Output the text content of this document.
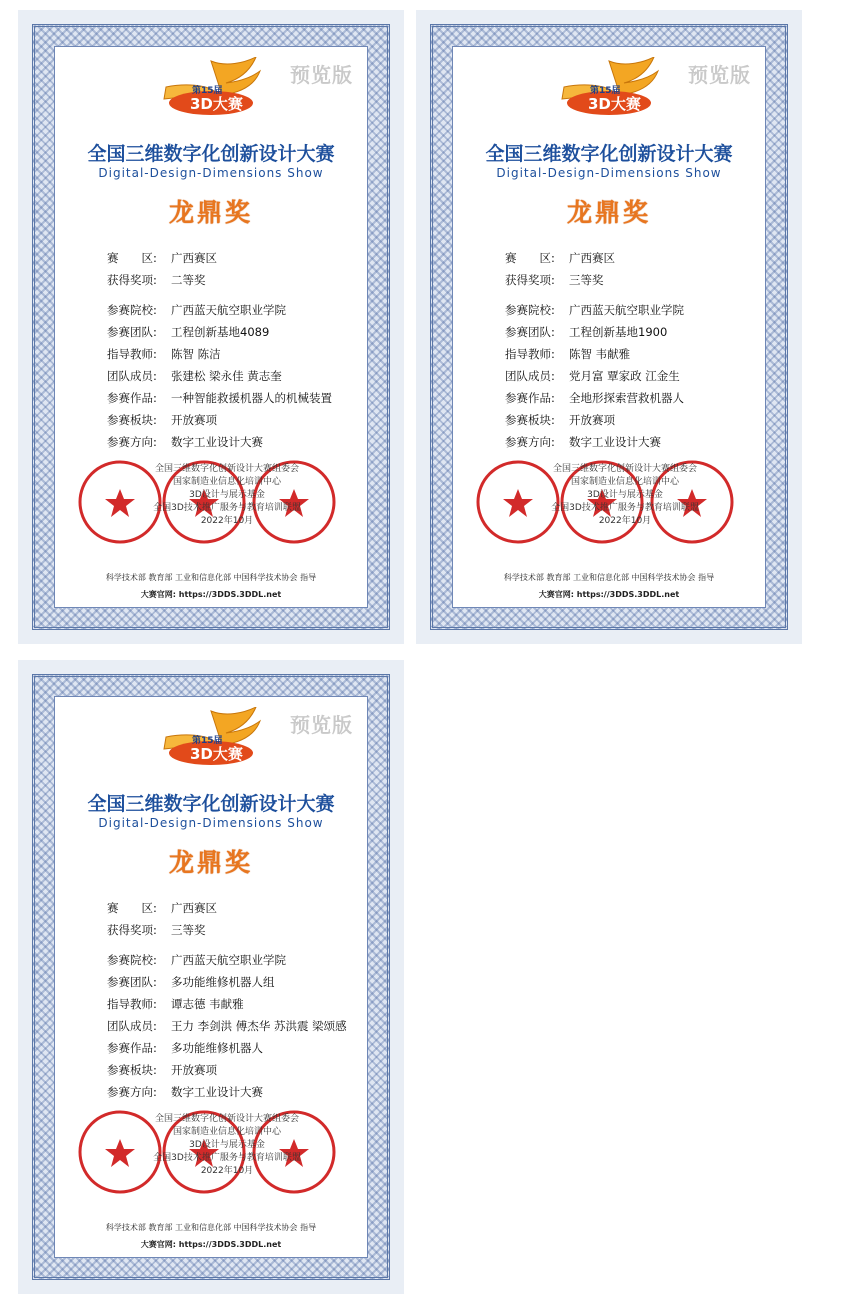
预览版
第15届
3D大赛
全国三维数字化创新设计大赛
Digital-Design-Dimensions Show
龙鼎奖
赛　　区: 广西赛区
获得奖项: 二等奖
参赛院校: 广西蓝天航空职业学院
参赛团队: 工程创新基地4089
指导教师: 陈智 陈洁
团队成员: 张建松 梁永佳 黄志奎
参赛作品: 一种智能救援机器人的机械装置
参赛板块: 开放赛项
参赛方向: 数字工业设计大赛
全国三维数字化创新设计大赛组委会
国家制造业信息化培训中心
3D设计与展示基金
全国3D技术推广服务与教育培训联盟
2022年10月
科学技术部 教育部 工业和信息化部 中国科学技术协会 指导
大赛官网: https://3DDS.3DDL.net
预览版
第15届
3D大赛
全国三维数字化创新设计大赛
Digital-Design-Dimensions Show
龙鼎奖
赛　　区: 广西赛区
获得奖项: 三等奖
参赛院校: 广西蓝天航空职业学院
参赛团队: 工程创新基地1900
指导教师: 陈智 韦献雅
团队成员: 党月富 覃家政 江金生
参赛作品: 全地形探索营救机器人
参赛板块: 开放赛项
参赛方向: 数字工业设计大赛
全国三维数字化创新设计大赛组委会
国家制造业信息化培训中心
3D设计与展示基金
全国3D技术推广服务与教育培训联盟
2022年10月
科学技术部 教育部 工业和信息化部 中国科学技术协会 指导
大赛官网: https://3DDS.3DDL.net
预览版
第15届
3D大赛
全国三维数字化创新设计大赛
Digital-Design-Dimensions Show
龙鼎奖
赛　　区: 广西赛区
获得奖项: 三等奖
参赛院校: 广西蓝天航空职业学院
参赛团队: 多功能维修机器人组
指导教师: 谭志德 韦献雅
团队成员: 王力 李剑洪 傅杰华 苏洪震 梁颂感
参赛作品: 多功能维修机器人
参赛板块: 开放赛项
参赛方向: 数字工业设计大赛
全国三维数字化创新设计大赛组委会
国家制造业信息化培训中心
3D设计与展示基金
全国3D技术推广服务与教育培训联盟
2022年10月
科学技术部 教育部 工业和信息化部 中国科学技术协会 指导
大赛官网: https://3DDS.3DDL.net
